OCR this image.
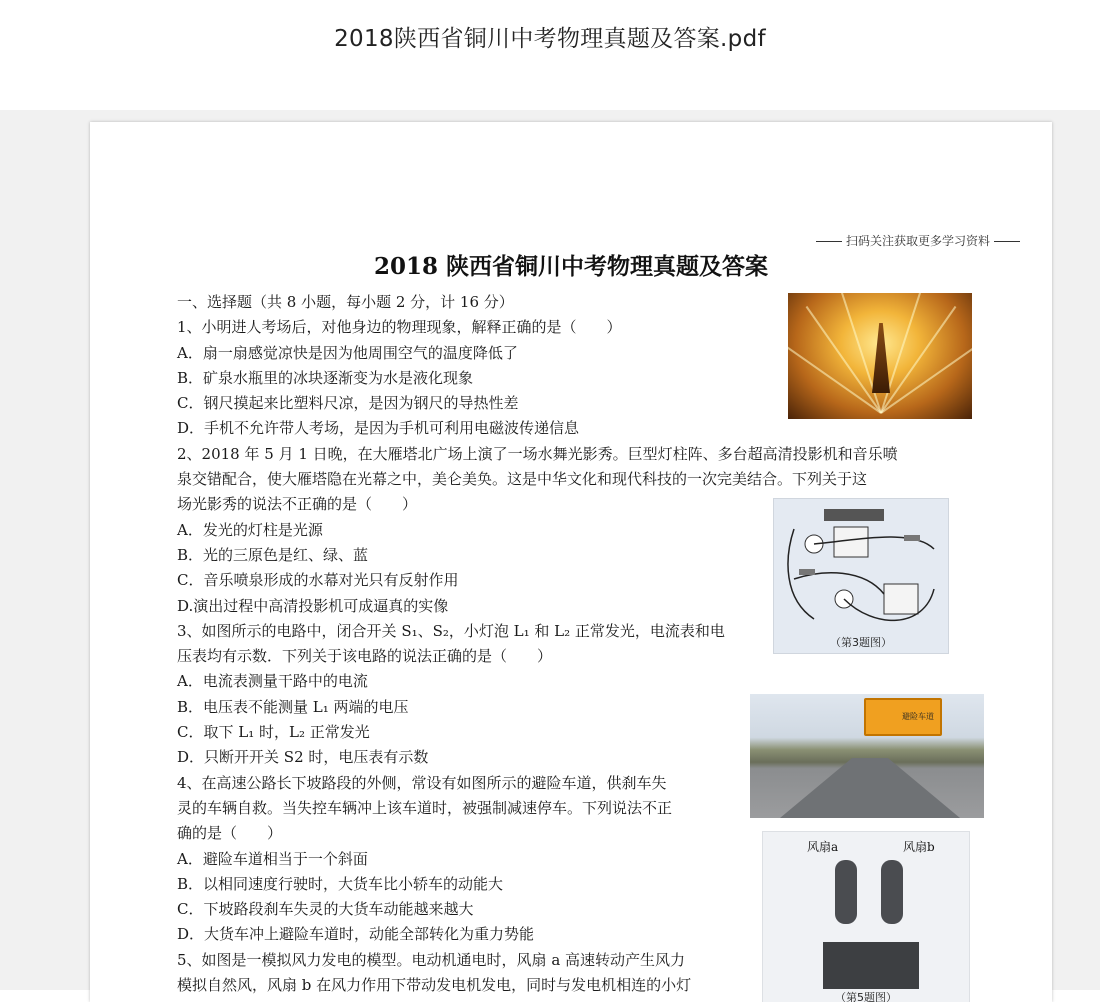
2018陕西省铜川中考物理真题及答案.pdf
扫码关注获取更多学习资料
2018 陕西省铜川中考物理真题及答案
一、选择题（共 8 小题，每小题 2 分，计 16 分）
1、小明进人考场后，对他身边的物理现象，解释正确的是（　　）
A．扇一扇感觉凉快是因为他周围空气的温度降低了
B．矿泉水瓶里的冰块逐渐变为水是液化现象
C．钢尺摸起来比塑料尺凉，是因为钢尺的导热性差
D．手机不允许带人考场，是因为手机可利用电磁波传递信息
2、2018 年 5 月 1 日晚，在大雁塔北广场上演了一场水舞光影秀。巨型灯柱阵、多台超高清投影机和音乐喷
泉交错配合，使大雁塔隐在光幕之中，美仑美奂。这是中华文化和现代科技的一次完美结合。下列关于这
场光影秀的说法不正确的是（　　）
A．发光的灯柱是光源
B．光的三原色是红、绿、蓝
C．音乐喷泉形成的水幕对光只有反射作用
D.演出过程中高清投影机可成逼真的实像
3、如图所示的电路中，闭合开关 S₁、S₂，小灯泡 L₁ 和 L₂ 正常发光，电流表和电
压表均有示数．下列关于该电路的说法正确的是（　　）
A．电流表测量干路中的电流
B．电压表不能测量 L₁ 两端的电压
C．取下 L₁ 时，L₂ 正常发光
D．只断开开关 S2 时，电压表有示数
4、在高速公路长下坡路段的外侧，常设有如图所示的避险车道，供刹车失
灵的车辆自救。当失控车辆冲上该车道时，被强制减速停车。下列说法不正
确的是（　　）
A．避险车道相当于一个斜面
B．以相同速度行驶时，大货车比小轿车的动能大
C．下坡路段刹车失灵的大货车动能越来越大
D．大货车冲上避险车道时，动能全部转化为重力势能
5、如图是一模拟风力发电的模型。电动机通电时，风扇 a 高速转动产生风力
模拟自然风，风扇 b 在风力作用下带动发电机发电，同时与发电机相连的小灯
（第3题图）
避险车道
风扇a	风扇b
（第5题图）
